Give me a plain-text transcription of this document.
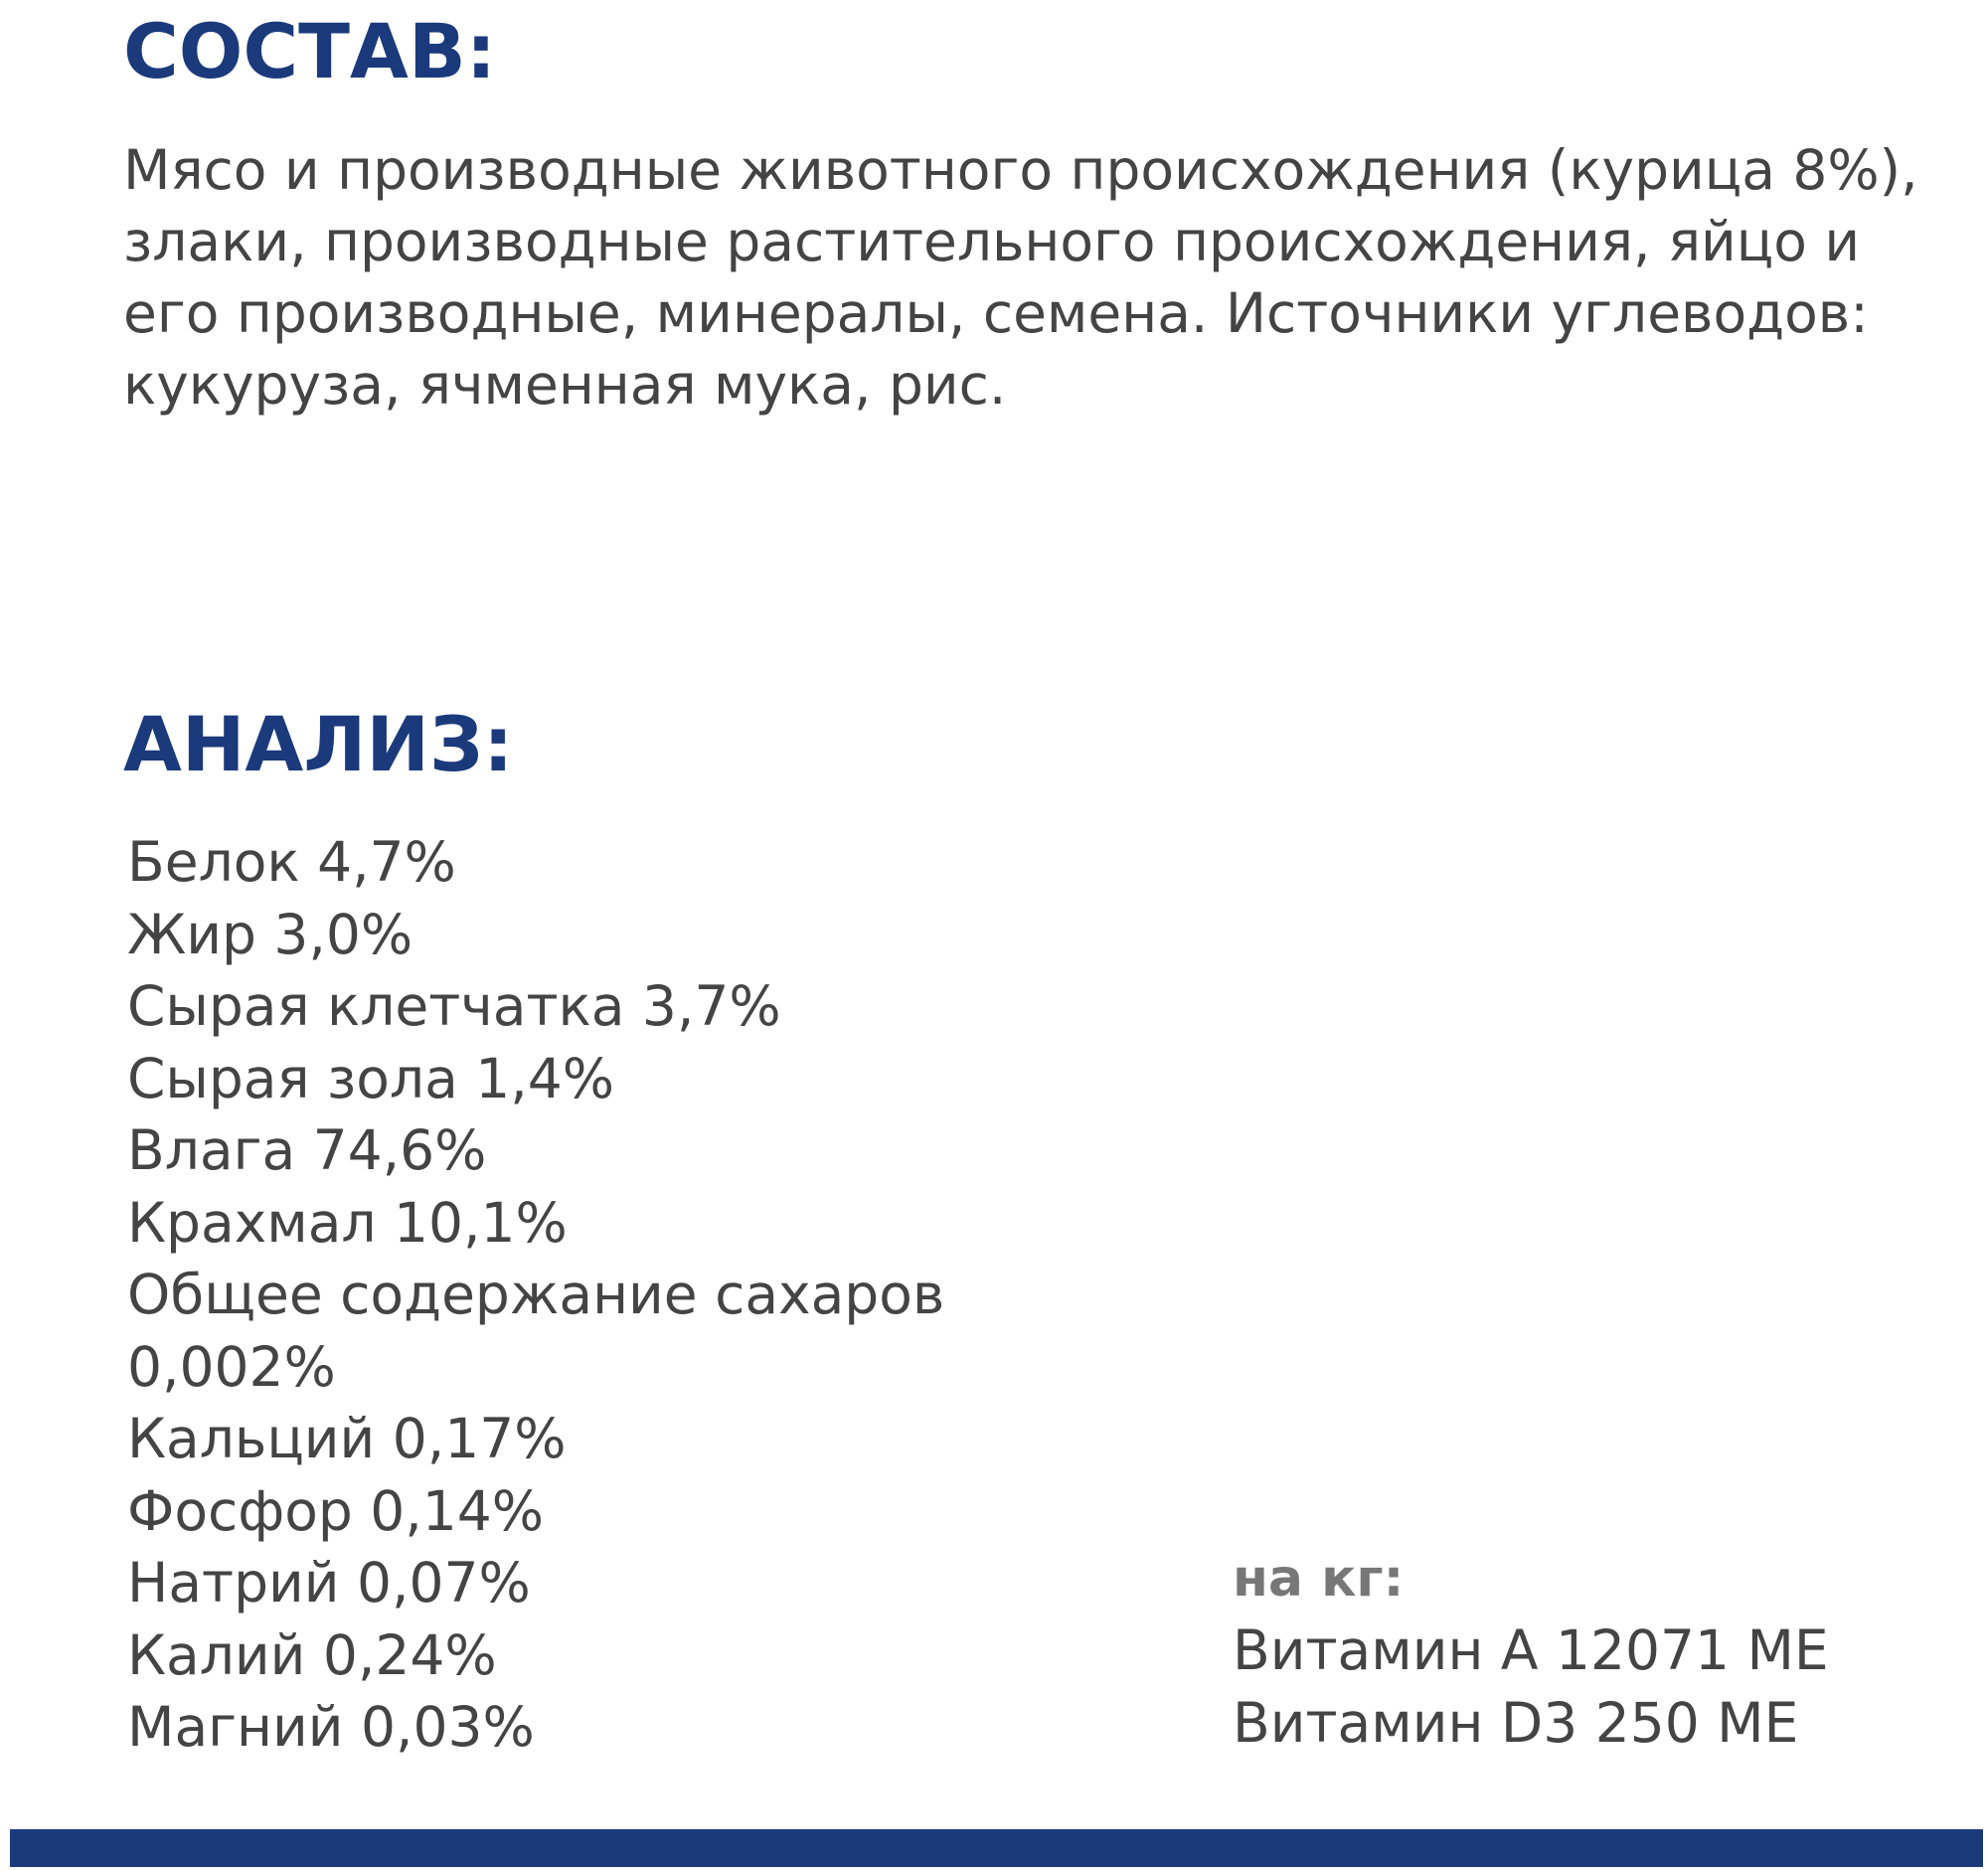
СОСТАВ:

Мясо и производные животного происхождения (курица 8%), злаки, производные растительного происхождения, яйцо и его производные, минералы, семена. Источники углеводов: кукуруза, ячменная мука, рис.

АНАЛИЗ:
Белок 4,7%
Жир 3,0%
Сырая клетчатка 3,7%
Сырая зола 1,4%
Влага 74,6%
Крахмал 10,1%
Общее содержание сахаров
0,002%
Кальций 0,17%
Фосфор 0,14%
Натрий 0,07%
Калий 0,24%
Магний 0,03%

на кг:

Витамин А 12071 МЕ
Витамин D3 250 МЕ
